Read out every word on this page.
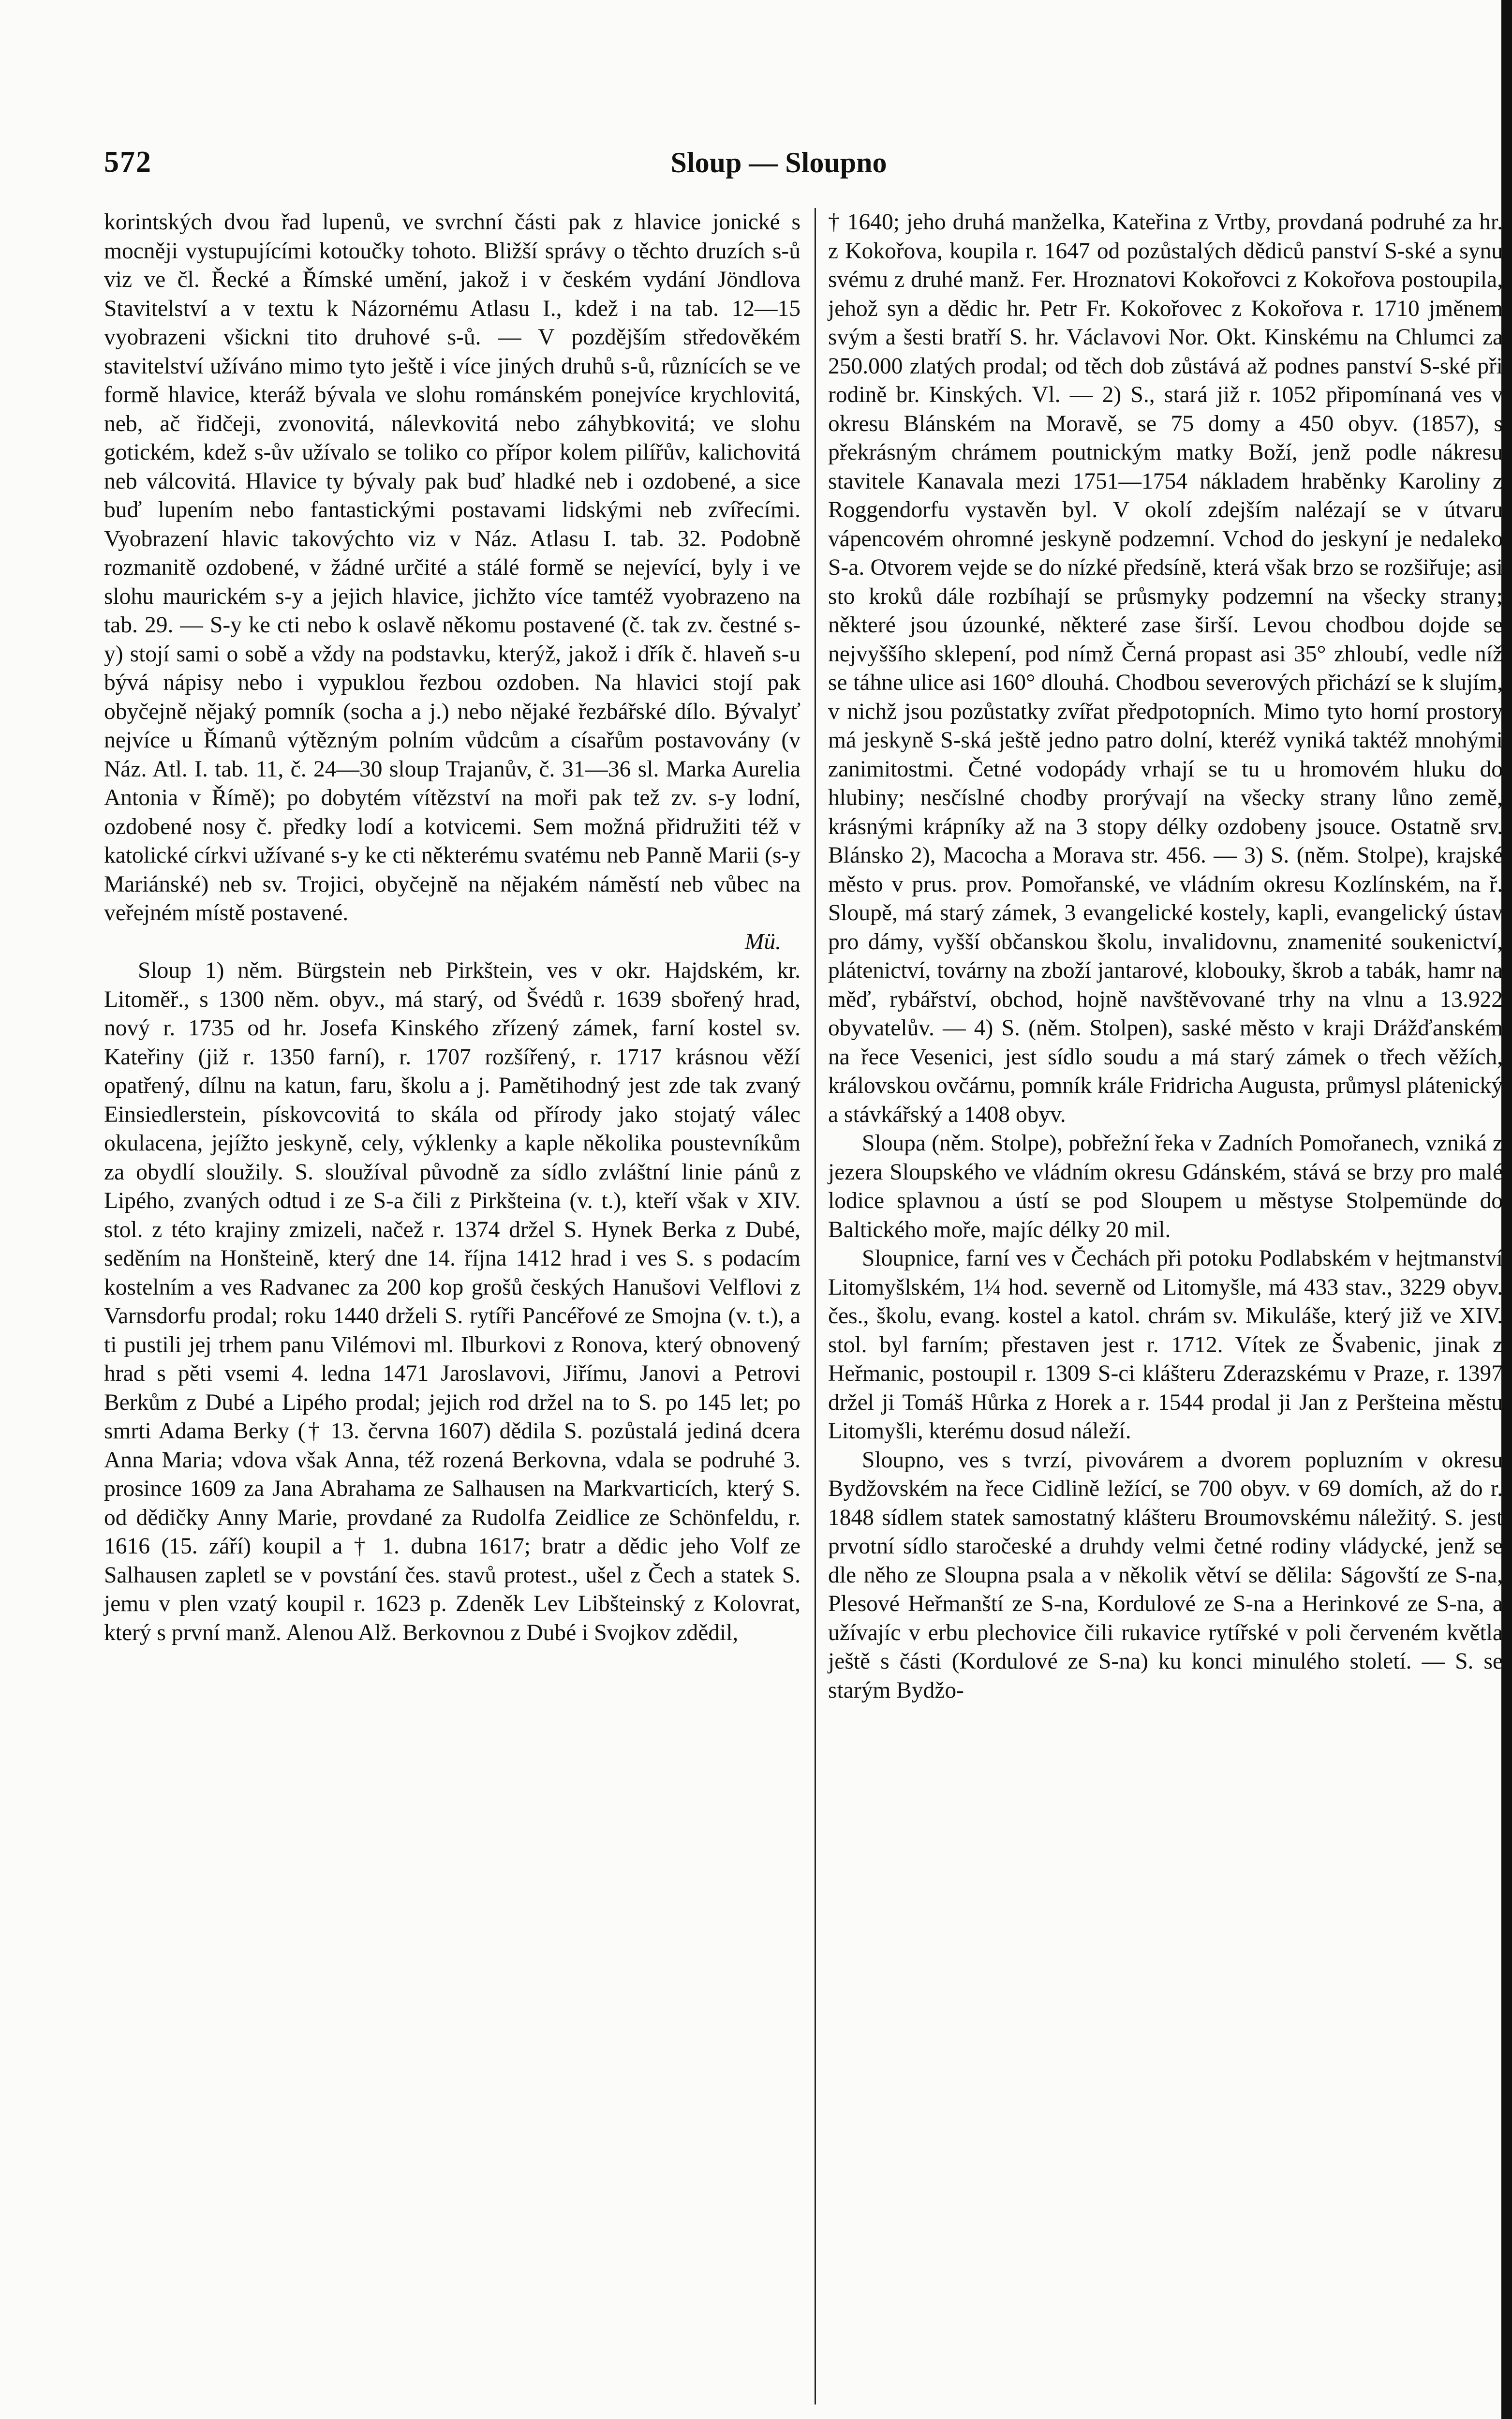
572	Sloup — Sloupno

korintských dvou řad lupenů, ve svrchní části pak z hlavice jonické s mocněji vystupujícími kotoučky tohoto. Bližší správy o těchto druzích s-ů viz ve čl. Řecké a Římské umění, jakož i v českém vydání Jöndlova Stavitelství a v textu k Názornému Atlasu I., kdež i na tab. 12—15 vyobrazeni všickni tito druhové s-ů. — V pozdějším středověkém stavitelství užíváno mimo tyto ještě i více jiných druhů s-ů, různících se ve formě hlavice, kteráž bývala ve slohu románském ponejvíce krychlovitá, neb, ač řidčeji, zvonovitá, nálevkovitá nebo záhybkovitá; ve slohu gotickém, kdež s-ův užívalo se toliko co přípor kolem pilířův, kalichovitá neb válcovitá. Hlavice ty bývaly pak buď hladké neb i ozdobené, a sice buď lupením nebo fantastickými postavami lidskými neb zvířecími. Vyobrazení hlavic takovýchto viz v Náz. Atlasu I. tab. 32. Podobně rozmanitě ozdobené, v žádné určité a stálé formě se nejevící, byly i ve slohu maurickém s-y a jejich hlavice, jichžto více tamtéž vyobrazeno na tab. 29. — S-y ke cti nebo k oslavě někomu postavené (č. tak zv. čestné s-y) stojí sami o sobě a vždy na podstavku, kterýž, jakož i dřík č. hlaveň s-u bývá nápisy nebo i vypuklou řezbou ozdoben. Na hlavici stojí pak obyčejně nějaký pomník (socha a j.) nebo nějaké řezbářské dílo. Bývalyť nejvíce u Římanů výtězným polním vůdcům a císařům postavovány (v Náz. Atl. I. tab. 11, č. 24—30 sloup Trajanův, č. 31—36 sl. Marka Aurelia Antonia v Římě); po dobytém vítězství na moři pak tež zv. s-y lodní, ozdobené nosy č. předky lodí a kotvicemi. Sem možná přidružiti též v katolické církvi užívané s-y ke cti některému svatému neb Panně Marii (s-y Mariánské) neb sv. Trojici, obyčejně na nějakém náměstí neb vůbec na veřejném místě postavené.

Mü.

Sloup 1) něm. Bürgstein neb Pirkštein, ves v okr. Hajdském, kr. Litoměř., s 1300 něm. obyv., má starý, od Švédů r. 1639 sbořený hrad, nový r. 1735 od hr. Josefa Kinského zřízený zámek, farní kostel sv. Kateřiny (již r. 1350 farní), r. 1707 rozšířený, r. 1717 krásnou věží opatřený, dílnu na katun, faru, školu a j. Pamětihodný jest zde tak zvaný Einsiedlerstein, pískovcovitá to skála od přírody jako stojatý válec okulacena, jejížto jeskyně, cely, výklenky a kaple několika poustevníkům za obydlí sloužily. S. sloužíval původně za sídlo zvláštní linie pánů z Lipého, zvaných odtud i ze S-a čili z Pirkšteina (v. t.), kteří však v XIV. stol. z této krajiny zmizeli, načež r. 1374 držel S. Hynek Berka z Dubé, seděním na Honšteině, který dne 14. října 1412 hrad i ves S. s podacím kostelním a ves Radvanec za 200 kop grošů českých Hanušovi Velflovi z Varnsdorfu prodal; roku 1440 drželi S. rytíři Pancéřové ze Smojna (v. t.), a ti pustili jej trhem panu Vilémovi ml. Ilburkovi z Ronova, který obnovený hrad s pěti vsemi 4. ledna 1471 Jaroslavovi, Jiřímu, Janovi a Petrovi Berkům z Dubé a Lipého prodal; jejich rod držel na to S. po 145 let; po smrti Adama Berky († 13. června 1607) dědila S. pozůstalá jediná dcera Anna Maria; vdova však Anna, též rozená Berkovna, vdala se podruhé 3. prosince 1609 za Jana Abrahama ze Salhausen na Markvarticích, který S. od dědičky Anny Marie, provdané za Rudolfa Zeidlice ze Schönfeldu, r. 1616 (15. září) koupil a † 1. dubna 1617; bratr a dědic jeho Volf ze Salhausen zapletl se v povstání čes. stavů protest., ušel z Čech a statek S. jemu v plen vzatý koupil r. 1623 p. Zdeněk Lev Libšteinský z Kolovrat, který s první manž. Alenou Alž. Berkovnou z Dubé i Svojkov zdědil,

† 1640; jeho druhá manželka, Kateřina z Vrtby, provdaná podruhé za hr. z Kokořova, koupila r. 1647 od pozůstalých dědiců panství S-ské a synu svému z druhé manž. Fer. Hroznatovi Kokořovci z Kokořova postoupila, jehož syn a dědic hr. Petr Fr. Kokořovec z Kokořova r. 1710 jměnem svým a šesti bratří S. hr. Václavovi Nor. Okt. Kinskému na Chlumci za 250.000 zlatých prodal; od těch dob zůstává až podnes panství S-ské při rodině br. Kinských. Vl. — 2) S., stará již r. 1052 připomínaná ves v okresu Blánském na Moravě, se 75 domy a 450 obyv. (1857), s překrásným chrámem poutnickým matky Boží, jenž podle nákresu stavitele Kanavala mezi 1751—1754 nákladem hraběnky Karoliny z Roggendorfu vystavěn byl. V okolí zdejším nalézají se v útvaru vápencovém ohromné jeskyně podzemní. Vchod do jeskyní je nedaleko S-a. Otvorem vejde se do nízké předsíně, která však brzo se rozšiřuje; asi sto kroků dále rozbíhají se průsmyky podzemní na všecky strany; některé jsou úzounké, některé zase širší. Levou chodbou dojde se nejvyššího sklepení, pod nímž Černá propast asi 35° zhloubí, vedle níž se táhne ulice asi 160° dlouhá. Chodbou severových přichází se k slujím, v nichž jsou pozůstatky zvířat předpotopních. Mimo tyto horní prostory má jeskyně S-ská ještě jedno patro dolní, kteréž vyniká taktéž mnohými zanimitostmi. Četné vodopády vrhají se tu u hromovém hluku do hlubiny; nesčíslné chodby prorývají na všecky strany lůno země, krásnými krápníky až na 3 stopy délky ozdobeny jsouce. Ostatně srv. Blánsko 2), Macocha a Morava str. 456. — 3) S. (něm. Stolpe), krajské město v prus. prov. Pomořanské, ve vládním okresu Kozlínském, na ř. Sloupě, má starý zámek, 3 evangelické kostely, kapli, evangelický ústav pro dámy, vyšší občanskou školu, invalidovnu, znamenité soukenictví, plátenictví, továrny na zboží jantarové, klobouky, škrob a tabák, hamr na měď, rybářství, obchod, hojně navštěvované trhy na vlnu a 13.922 obyvatelův. — 4) S. (něm. Stolpen), saské město v kraji Drážďanském na řece Vesenici, jest sídlo soudu a má starý zámek o třech věžích, královskou ovčárnu, pomník krále Fridricha Augusta, průmysl plátenický a stávkářský a 1408 obyv.

Sloupa (něm. Stolpe), pobřežní řeka v Zadních Pomořanech, vzniká z jezera Sloupského ve vládním okresu Gdánském, stává se brzy pro malé lodice splavnou a ústí se pod Sloupem u městyse Stolpemünde do Baltického moře, majíc délky 20 mil.

Sloupnice, farní ves v Čechách při potoku Podlabském v hejtmanství Litomyšlském, 1¼ hod. severně od Litomyšle, má 433 stav., 3229 obyv. čes., školu, evang. kostel a katol. chrám sv. Mikuláše, který již ve XIV. stol. byl farním; přestaven jest r. 1712. Vítek ze Švabenic, jinak z Heřmanic, postoupil r. 1309 S-ci klášteru Zderazskému v Praze, r. 1397 držel ji Tomáš Hůrka z Horek a r. 1544 prodal ji Jan z Peršteina městu Litomyšli, kterému dosud náleží.

Sloupno, ves s tvrzí, pivovárem a dvorem popluzním v okresu Bydžovském na řece Cidlině ležící, se 700 obyv. v 69 domích, až do r. 1848 sídlem statek samostatný klášteru Broumovskému náležitý. S. jest prvotní sídlo staročeské a druhdy velmi četné rodiny vládycké, jenž se dle něho ze Sloupna psala a v několik větví se dělila: Ságovští ze S-na, Plesové Heřmanští ze S-na, Kordulové ze S-na a Herinkové ze S-na, a užívajíc v erbu plechovice čili rukavice rytířské v poli červeném květla ještě s části (Kordulové ze S-na) ku konci minulého století. — S. se starým Bydžo-
